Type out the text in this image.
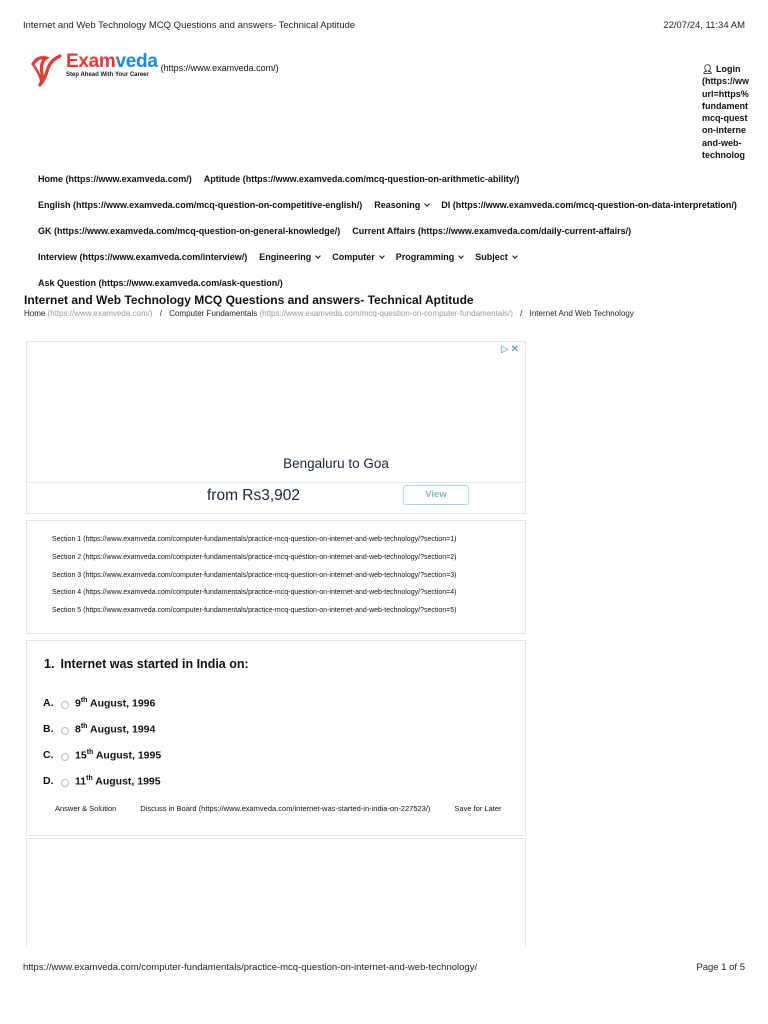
Internet and Web Technology MCQ Questions and answers- Technical Aptitude	22/07/24, 11:34 AM
Examveda
Step Ahead With Your Career
(https://www.examveda.com/)	👤︎ Login
(https://ww
url=https%
fundament
mcq-quest
on-interne
and-web-
technolog
Home (https://www.examveda.com/) Aptitude (https://www.examveda.com/mcq-question-on-arithmetic-ability/)
English (https://www.examveda.com/mcq-question-on-competitive-english/) Reasoning DI (https://www.examveda.com/mcq-question-on-data-interpretation/)
GK (https://www.examveda.com/mcq-question-on-general-knowledge/) Current Affairs (https://www.examveda.com/daily-current-affairs/)
Interview (https://www.examveda.com/interview/) Engineering Computer Programming Subject
Ask Question (https://www.examveda.com/ask-question/)
Internet and Web Technology MCQ Questions and answers- Technical Aptitude
Home (https://www.examveda.com/) / Computer Fundamentals (https://www.examveda.com/mcq-question-on-computer-fundamentals/) / Internet And Web Technology
▷✕
Bengaluru to Goa
from Rs3,902	View
Section 1 (https://www.examveda.com/computer-fundamentals/practice-mcq-question-on-internet-and-web-technology/?section=1)
Section 2 (https://www.examveda.com/computer-fundamentals/practice-mcq-question-on-internet-and-web-technology/?section=2)
Section 3 (https://www.examveda.com/computer-fundamentals/practice-mcq-question-on-internet-and-web-technology/?section=3)
Section 4 (https://www.examveda.com/computer-fundamentals/practice-mcq-question-on-internet-and-web-technology/?section=4)
Section 5 (https://www.examveda.com/computer-fundamentals/practice-mcq-question-on-internet-and-web-technology/?section=5)
1. Internet was started in India on:
A.	9th August, 1996
B.	8th August, 1994
C.	15th August, 1995
D.	11th August, 1995
Answer & Solution	Discuss in Board (https://www.examveda.com/internet-was-started-in-india-on-227523/)	Save for Later
https://www.examveda.com/computer-fundamentals/practice-mcq-question-on-internet-and-web-technology/	Page 1 of 5
